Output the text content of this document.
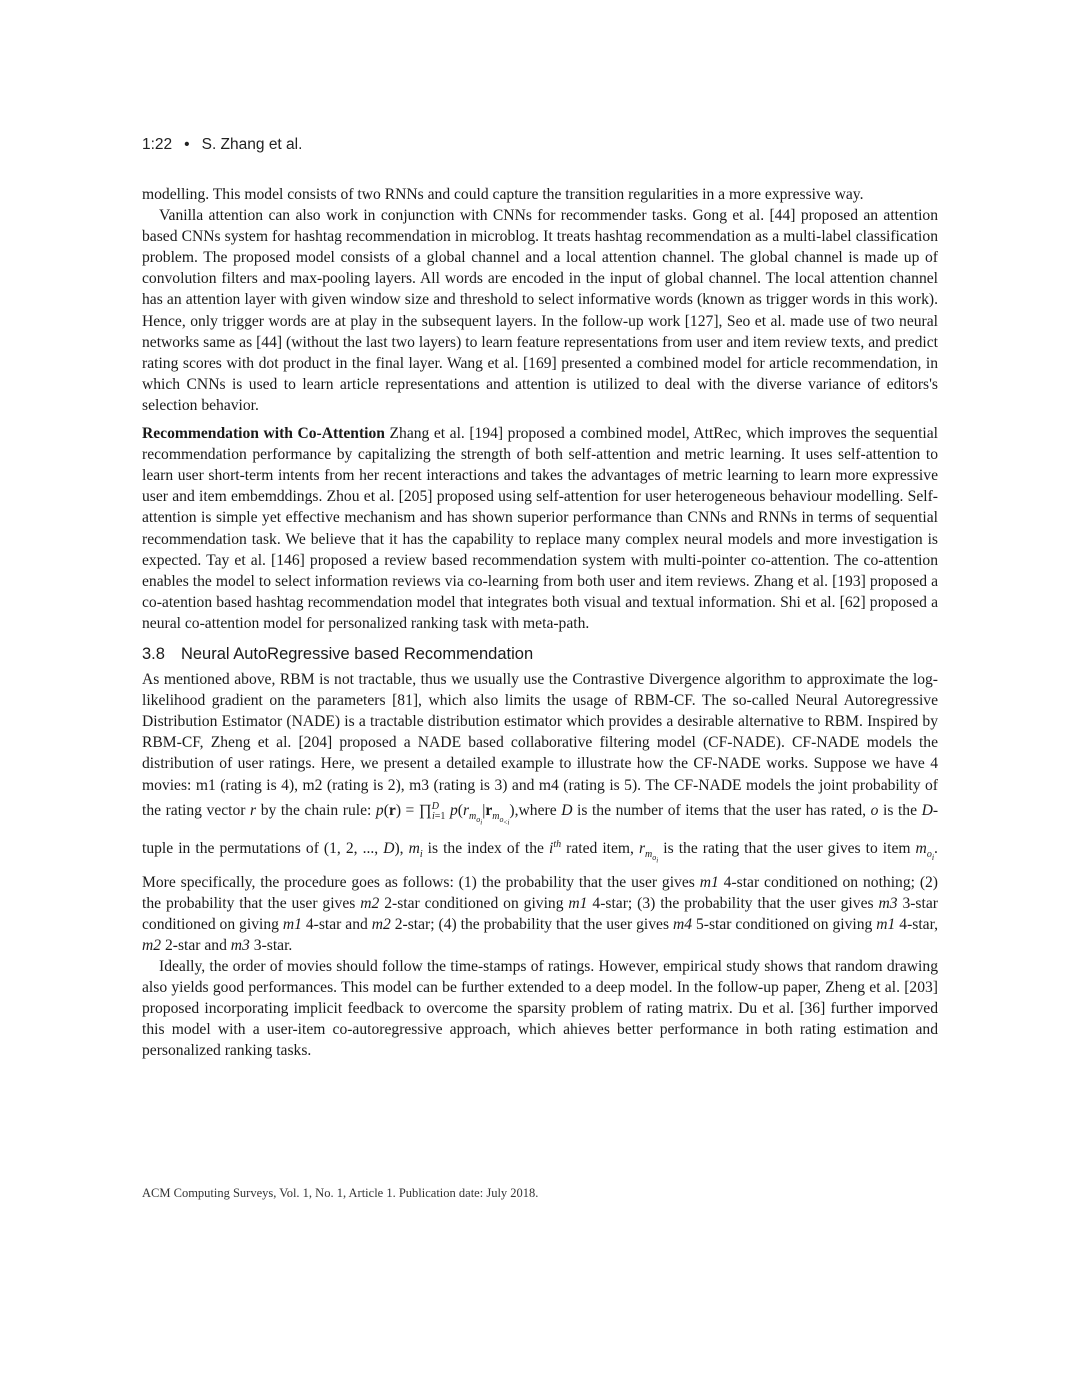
1:22 • S. Zhang et al.

modelling. This model consists of two RNNs and could capture the transition regularities in a more expressive way.

Vanilla attention can also work in conjunction with CNNs for recommender tasks. Gong et al. [44] proposed an attention based CNNs system for hashtag recommendation in microblog. It treats hashtag recommendation as a multi-label classification problem. The proposed model consists of a global channel and a local attention channel. The global channel is made up of convolution filters and max-pooling layers. All words are encoded in the input of global channel. The local attention channel has an attention layer with given window size and threshold to select informative words (known as trigger words in this work). Hence, only trigger words are at play in the subsequent layers. In the follow-up work [127], Seo et al. made use of two neural networks same as [44] (without the last two layers) to learn feature representations from user and item review texts, and predict rating scores with dot product in the final layer. Wang et al. [169] presented a combined model for article recommendation, in which CNNs is used to learn article representations and attention is utilized to deal with the diverse variance of editors's selection behavior.

Recommendation with Co-Attention Zhang et al. [194] proposed a combined model, AttRec, which improves the sequential recommendation performance by capitalizing the strength of both self-attention and metric learning. It uses self-attention to learn user short-term intents from her recent interactions and takes the advantages of metric learning to learn more expressive user and item embemddings. Zhou et al. [205] proposed using self-attention for user heterogeneous behaviour modelling. Self-attention is simple yet effective mechanism and has shown superior performance than CNNs and RNNs in terms of sequential recommendation task. We believe that it has the capability to replace many complex neural models and more investigation is expected. Tay et al. [146] proposed a review based recommendation system with multi-pointer co-attention. The co-attention enables the model to select information reviews via co-learning from both user and item reviews. Zhang et al. [193] proposed a co-atention based hashtag recommendation model that integrates both visual and textual information. Shi et al. [62] proposed a neural co-attention model for personalized ranking task with meta-path.

3.8 Neural AutoRegressive based Recommendation

As mentioned above, RBM is not tractable, thus we usually use the Contrastive Divergence algorithm to approximate the log-likelihood gradient on the parameters [81], which also limits the usage of RBM-CF. The so-called Neural Autoregressive Distribution Estimator (NADE) is a tractable distribution estimator which provides a desirable alternative to RBM. Inspired by RBM-CF, Zheng et al. [204] proposed a NADE based collaborative filtering model (CF-NADE). CF-NADE models the distribution of user ratings. Here, we present a detailed example to illustrate how the CF-NADE works. Suppose we have 4 movies: m1 (rating is 4), m2 (rating is 2), m3 (rating is 3) and m4 (rating is 5). The CF-NADE models the joint probability of the rating vector r by the chain rule: p(r) = ∏$^D_{i=1}$ $p(r_{m_{o_i}}|r_{m_{o_{<i}}}),where$ D is the number of items that the user has rated, o is the D-tuple in the permutations of (1, 2, ..., D), $m_i$ is the index of the $i^{th}$ rated item, $r_{m_{o_i}}$ is the rating that the user gives to item $m_{o_i}$. More specifically, the procedure goes as follows: (1) the probability that the user gives m1 4-star conditioned on nothing; (2) the probability that the user gives m2 2-star conditioned on giving m1 4-star; (3) the probability that the user gives m3 3-star conditioned on giving m1 4-star and m2 2-star; (4) the probability that the user gives m4 5-star conditioned on giving m1 4-star, m2 2-star and m3 3-star.

Ideally, the order of movies should follow the time-stamps of ratings. However, empirical study shows that random drawing also yields good performances. This model can be further extended to a deep model. In the follow-up paper, Zheng et al. [203] proposed incorporating implicit feedback to overcome the sparsity problem of rating matrix. Du et al. [36] further imporved this model with a user-item co-autoregressive approach, which ahieves better performance in both rating estimation and personalized ranking tasks.

ACM Computing Surveys, Vol. 1, No. 1, Article 1. Publication date: July 2018.
